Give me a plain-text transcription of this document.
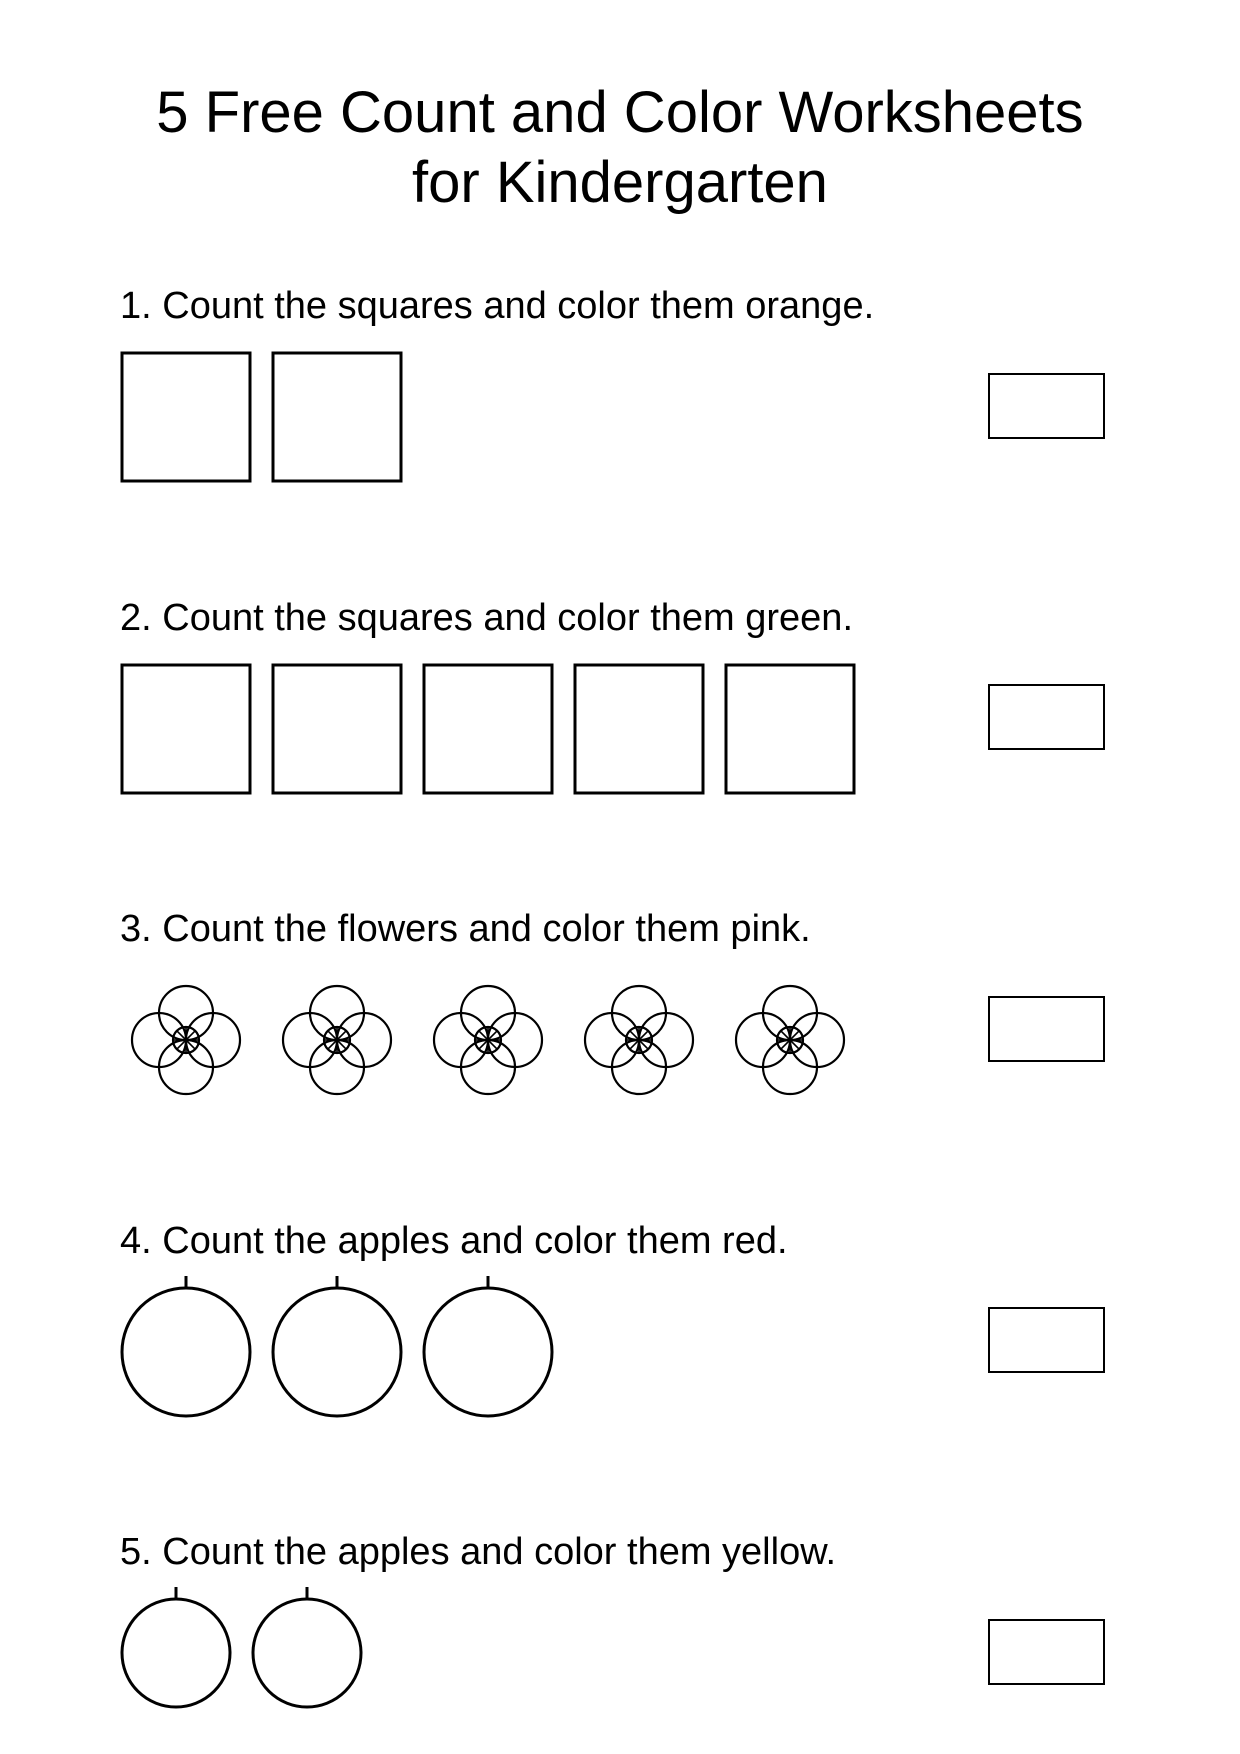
5 Free Count and Color Worksheets
for Kindergarten
1. Count the squares and color them orange.
2. Count the squares and color them green.
3. Count the flowers and color them pink.
4. Count the apples and color them red.
5. Count the apples and color them yellow.
